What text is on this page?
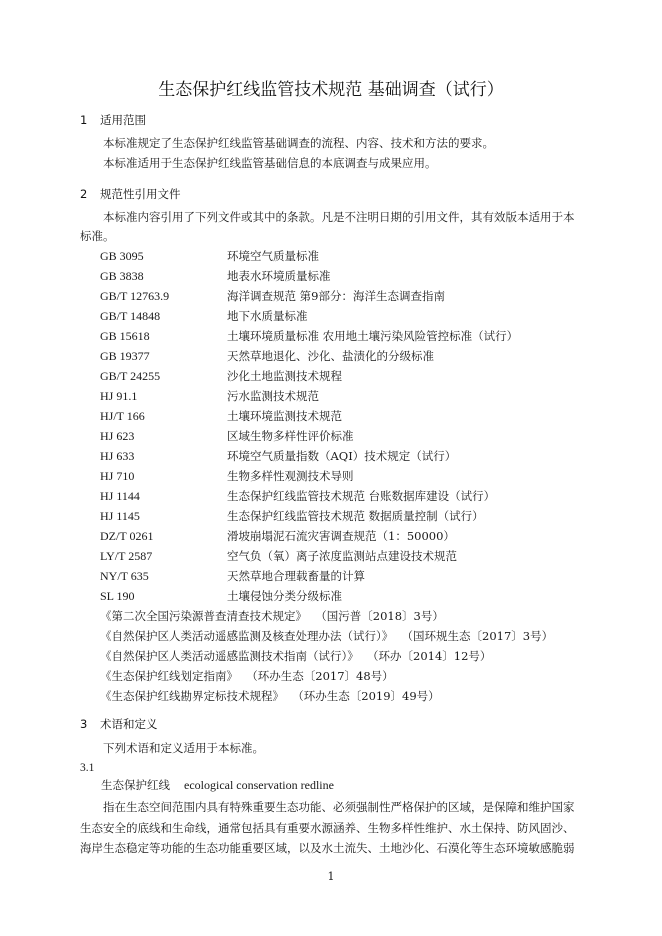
生态保护红线监管技术规范 基础调查（试行）
1 适用范围
本标准规定了生态保护红线监管基础调查的流程、内容、技术和方法的要求。
本标准适用于生态保护红线监管基础信息的本底调查与成果应用。
2 规范性引用文件
本标准内容引用了下列文件或其中的条款。凡是不注明日期的引用文件，其有效版本适用于本
标准。
GB 3095	环境空气质量标准
GB 3838	地表水环境质量标准
GB/T 12763.9	海洋调查规范 第9部分：海洋生态调查指南
GB/T 14848	地下水质量标准
GB 15618	土壤环境质量标准 农用地土壤污染风险管控标准（试行）
GB 19377	天然草地退化、沙化、盐渍化的分级标准
GB/T 24255	沙化土地监测技术规程
HJ 91.1	污水监测技术规范
HJ/T 166	土壤环境监测技术规范
HJ 623	区域生物多样性评价标准
HJ 633	环境空气质量指数（AQI）技术规定（试行）
HJ 710	生物多样性观测技术导则
HJ 1144	生态保护红线监管技术规范 台账数据库建设（试行）
HJ 1145	生态保护红线监管技术规范 数据质量控制（试行）
DZ/T 0261	滑坡崩塌泥石流灾害调查规范（1：50000）
LY/T 2587	空气负（氧）离子浓度监测站点建设技术规范
NY/T 635	天然草地合理载畜量的计算
SL 190	土壤侵蚀分类分级标准
《第二次全国污染源普查清查技术规定》 （国污普〔2018〕3号）
《自然保护区人类活动遥感监测及核查处理办法（试行）》 （国环规生态〔2017〕3号）
《自然保护区人类活动遥感监测技术指南（试行）》 （环办〔2014〕12号）
《生态保护红线划定指南》 （环办生态〔2017〕48号）
《生态保护红线勘界定标技术规程》 （环办生态〔2019〕49号）
3 术语和定义
下列术语和定义适用于本标准。
3.1
生态保护红线 ecological conservation redline
指在生态空间范围内具有特殊重要生态功能、必须强制性严格保护的区域，是保障和维护国家
生态安全的底线和生命线，通常包括具有重要水源涵养、生物多样性维护、水土保持、防风固沙、
海岸生态稳定等功能的生态功能重要区域，以及水土流失、土地沙化、石漠化等生态环境敏感脆弱
1
